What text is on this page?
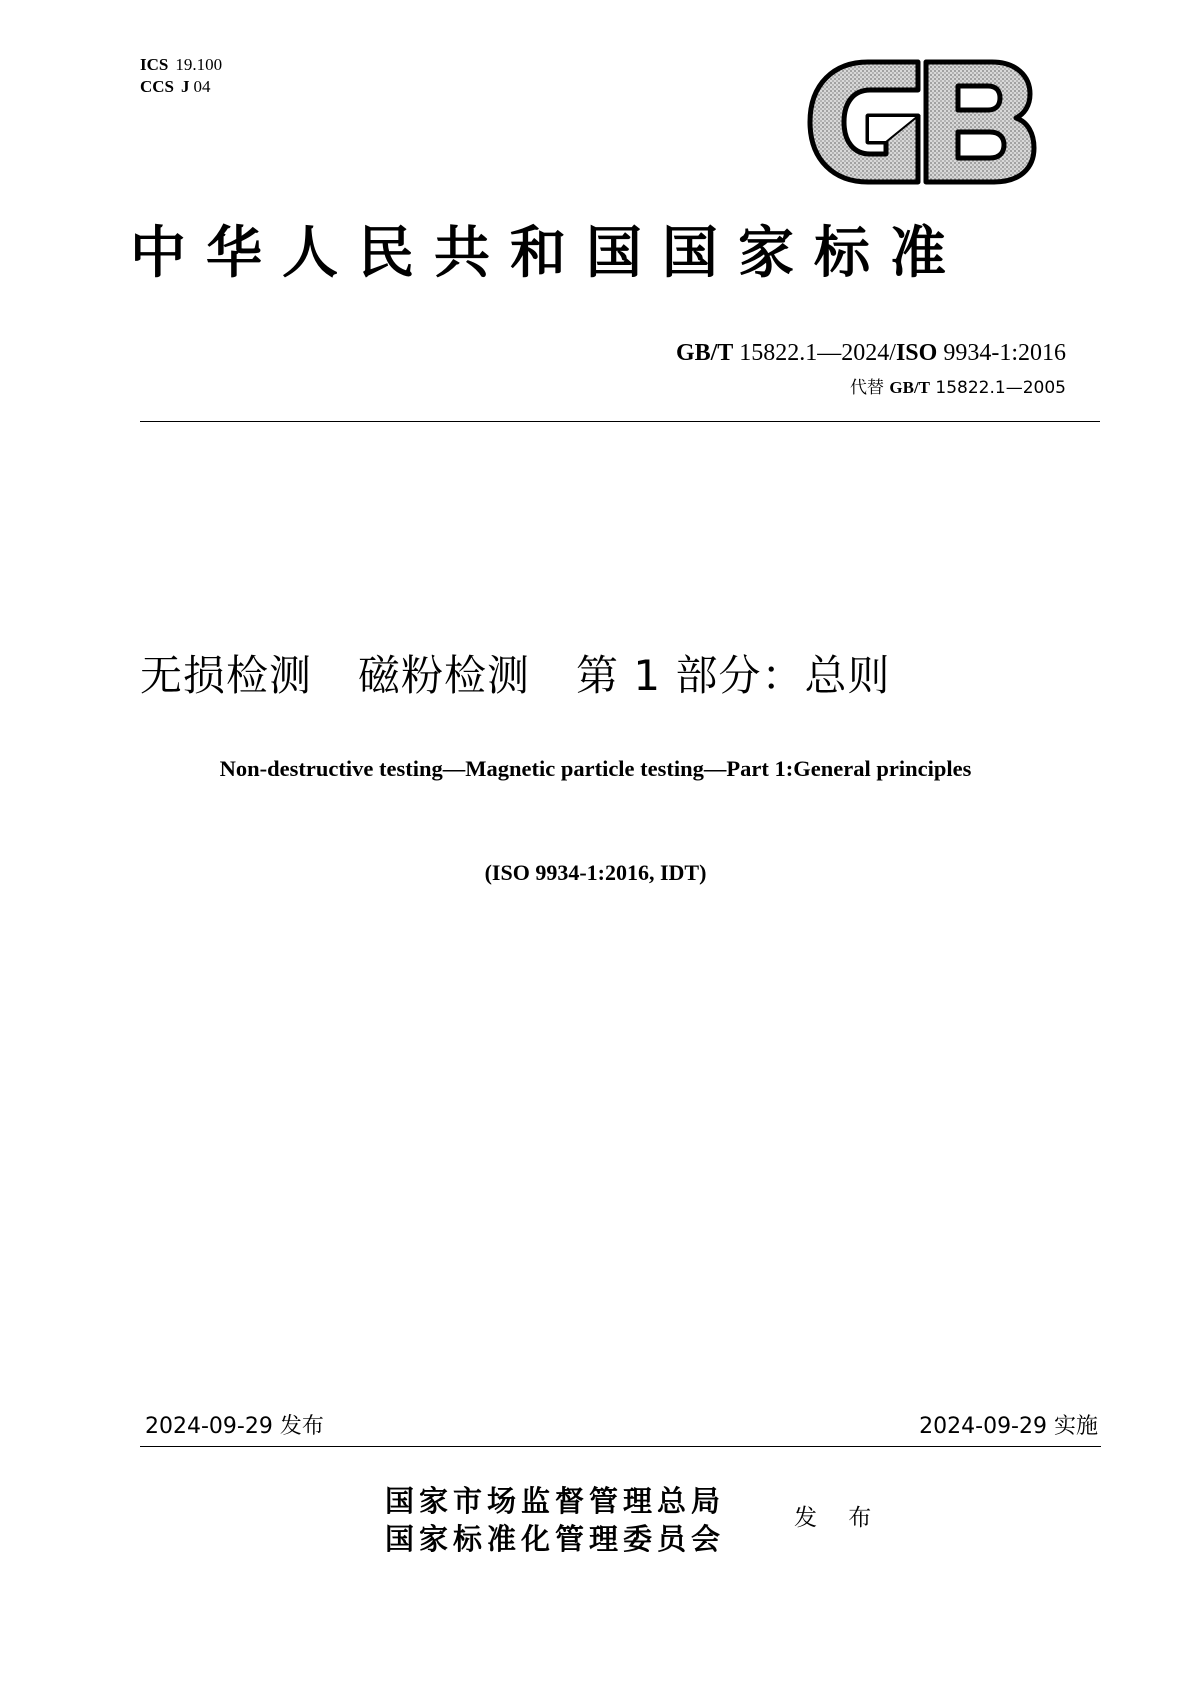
ICS 19.100
CCS J 04
中华人民共和国国家标准
GB/T 15822.1—2024/ISO 9934-1:2016
代替 GB/T 15822.1—2005
无损检测 磁粉检测 第 1 部分：总则
Non-destructive testing—Magnetic particle testing—Part 1:General principles
(ISO 9934-1:2016, IDT)
2024-09-29 发布	2024-09-29 实施
国家市场监督管理总局
国家标准化管理委员会
发 布
